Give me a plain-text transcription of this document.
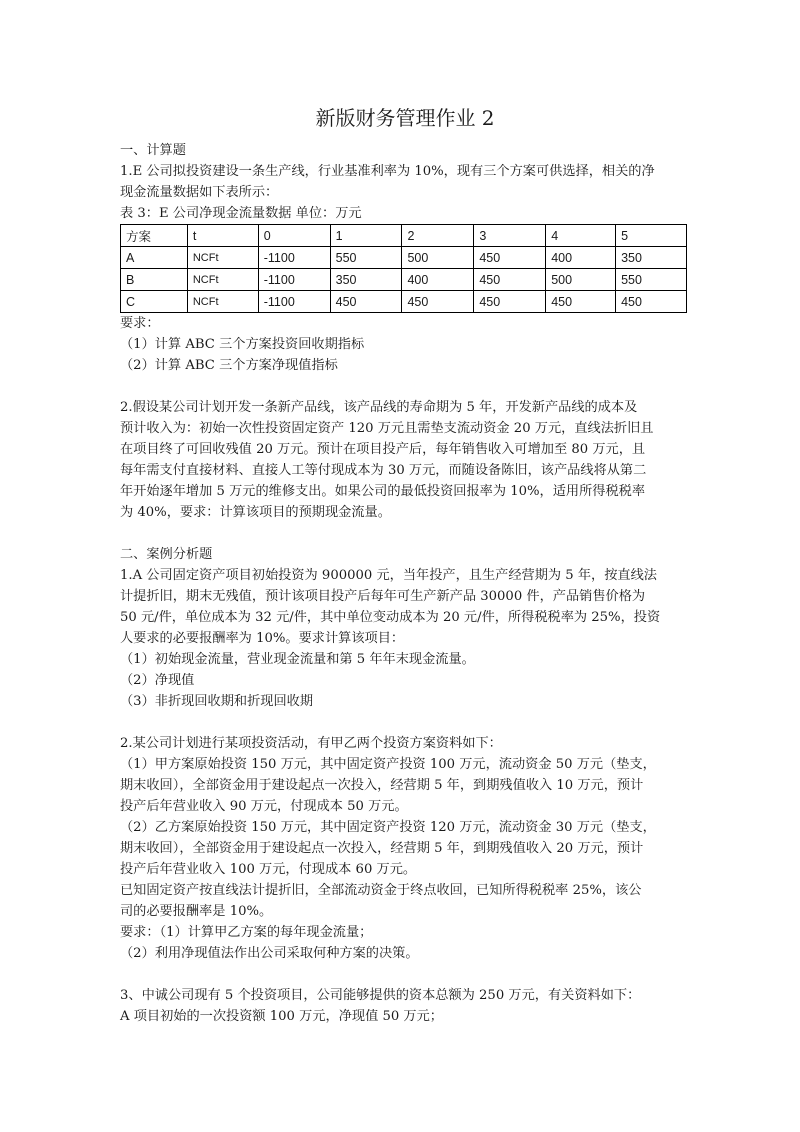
新版财务管理作业 2
一、计算题
1.E 公司拟投资建设一条生产线，行业基准利率为 10%，现有三个方案可供选择，相关的净
现金流量数据如下表所示：
表 3：E 公司净现金流量数据 单位：万元
方案	t	0	1	2	3	4	5
A	NCFt	-1100	550	500	450	400	350
B	NCFt	-1100	350	400	450	500	550
C	NCFt	-1100	450	450	450	450	450
要求：
（1）计算 ABC 三个方案投资回收期指标
（2）计算 ABC 三个方案净现值指标
2.假设某公司计划开发一条新产品线，该产品线的寿命期为 5 年，开发新产品线的成本及
预计收入为：初始一次性投资固定资产 120 万元且需垫支流动资金 20 万元，直线法折旧且
在项目终了可回收残值 20 万元。预计在项目投产后，每年销售收入可增加至 80 万元，且
每年需支付直接材料、直接人工等付现成本为 30 万元，而随设备陈旧，该产品线将从第二
年开始逐年增加 5 万元的维修支出。如果公司的最低投资回报率为 10%，适用所得税税率
为 40%，要求：计算该项目的预期现金流量。
二、案例分析题
1.A 公司固定资产项目初始投资为 900000 元，当年投产，且生产经营期为 5 年，按直线法
计提折旧，期末无残值，预计该项目投产后每年可生产新产品 30000 件，产品销售价格为
50 元/件，单位成本为 32 元/件，其中单位变动成本为 20 元/件，所得税税率为 25%，投资
人要求的必要报酬率为 10%。要求计算该项目：
（1）初始现金流量，营业现金流量和第 5 年年末现金流量。
（2）净现值
（3）非折现回收期和折现回收期
2.某公司计划进行某项投资活动，有甲乙两个投资方案资料如下：
（1）甲方案原始投资 150 万元，其中固定资产投资 100 万元，流动资金 50 万元（垫支，
期末收回），全部资金用于建设起点一次投入，经营期 5 年，到期残值收入 10 万元，预计
投产后年营业收入 90 万元，付现成本 50 万元。
（2）乙方案原始投资 150 万元，其中固定资产投资 120 万元，流动资金 30 万元（垫支，
期末收回），全部资金用于建设起点一次投入，经营期 5 年，到期残值收入 20 万元，预计
投产后年营业收入 100 万元，付现成本 60 万元。
已知固定资产按直线法计提折旧，全部流动资金于终点收回，已知所得税税率 25%，该公
司的必要报酬率是 10%。
要求：（1）计算甲乙方案的每年现金流量；
（2）利用净现值法作出公司采取何种方案的决策。
3、中诚公司现有 5 个投资项目，公司能够提供的资本总额为 250 万元，有关资料如下：
A 项目初始的一次投资额 100 万元，净现值 50 万元；
